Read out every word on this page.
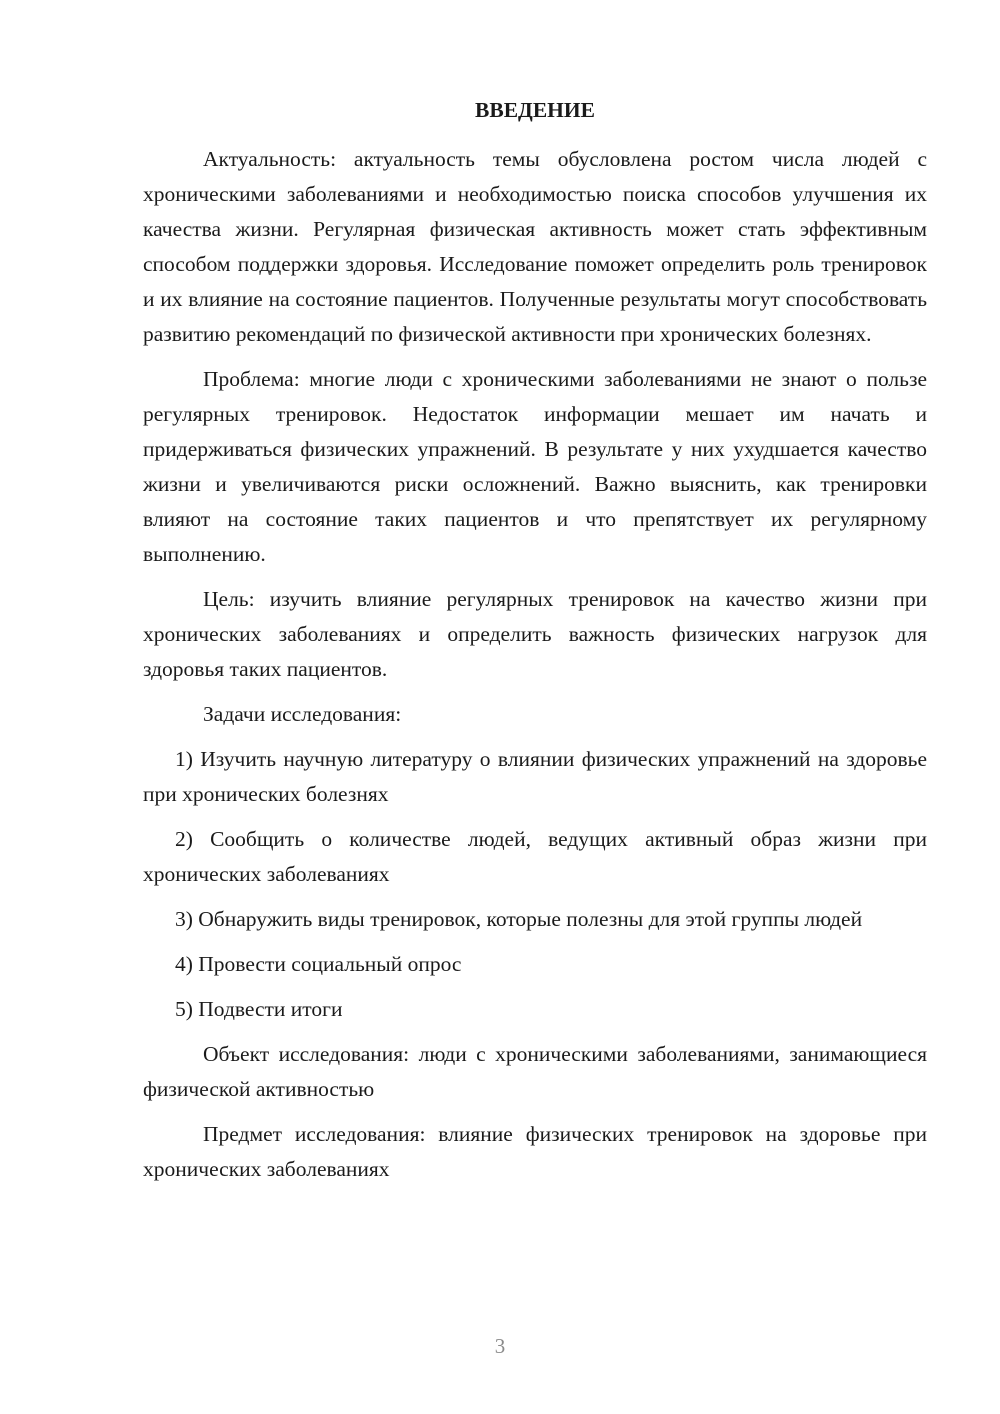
ВВЕДЕНИЕ

Актуальность: актуальность темы обусловлена ростом числа людей с хроническими заболеваниями и необходимостью поиска способов улучшения их качества жизни. Регулярная физическая активность может стать эффективным способом поддержки здоровья. Исследование поможет определить роль тренировок и их влияние на состояние пациентов. Полученные результаты могут способствовать развитию рекомендаций по физической активности при хронических болезнях.

Проблема: многие люди с хроническими заболеваниями не знают о пользе регулярных тренировок. Недостаток информации мешает им начать и придерживаться физических упражнений. В результате у них ухудшается качество жизни и увеличиваются риски осложнений. Важно выяснить, как тренировки влияют на состояние таких пациентов и что препятствует их регулярному выполнению.

Цель: изучить влияние регулярных тренировок на качество жизни при хронических заболеваниях и определить важность физических нагрузок для здоровья таких пациентов.

Задачи исследования:

1) Изучить научную литературу о влиянии физических упражнений на здоровье при хронических болезнях

2) Сообщить о количестве людей, ведущих активный образ жизни при хронических заболеваниях

3) Обнаружить виды тренировок, которые полезны для этой группы людей

4) Провести социальный опрос

5) Подвести итоги

Объект исследования: люди с хроническими заболеваниями, занимающиеся физической активностью

Предмет исследования: влияние физических тренировок на здоровье при хронических заболеваниях

3
